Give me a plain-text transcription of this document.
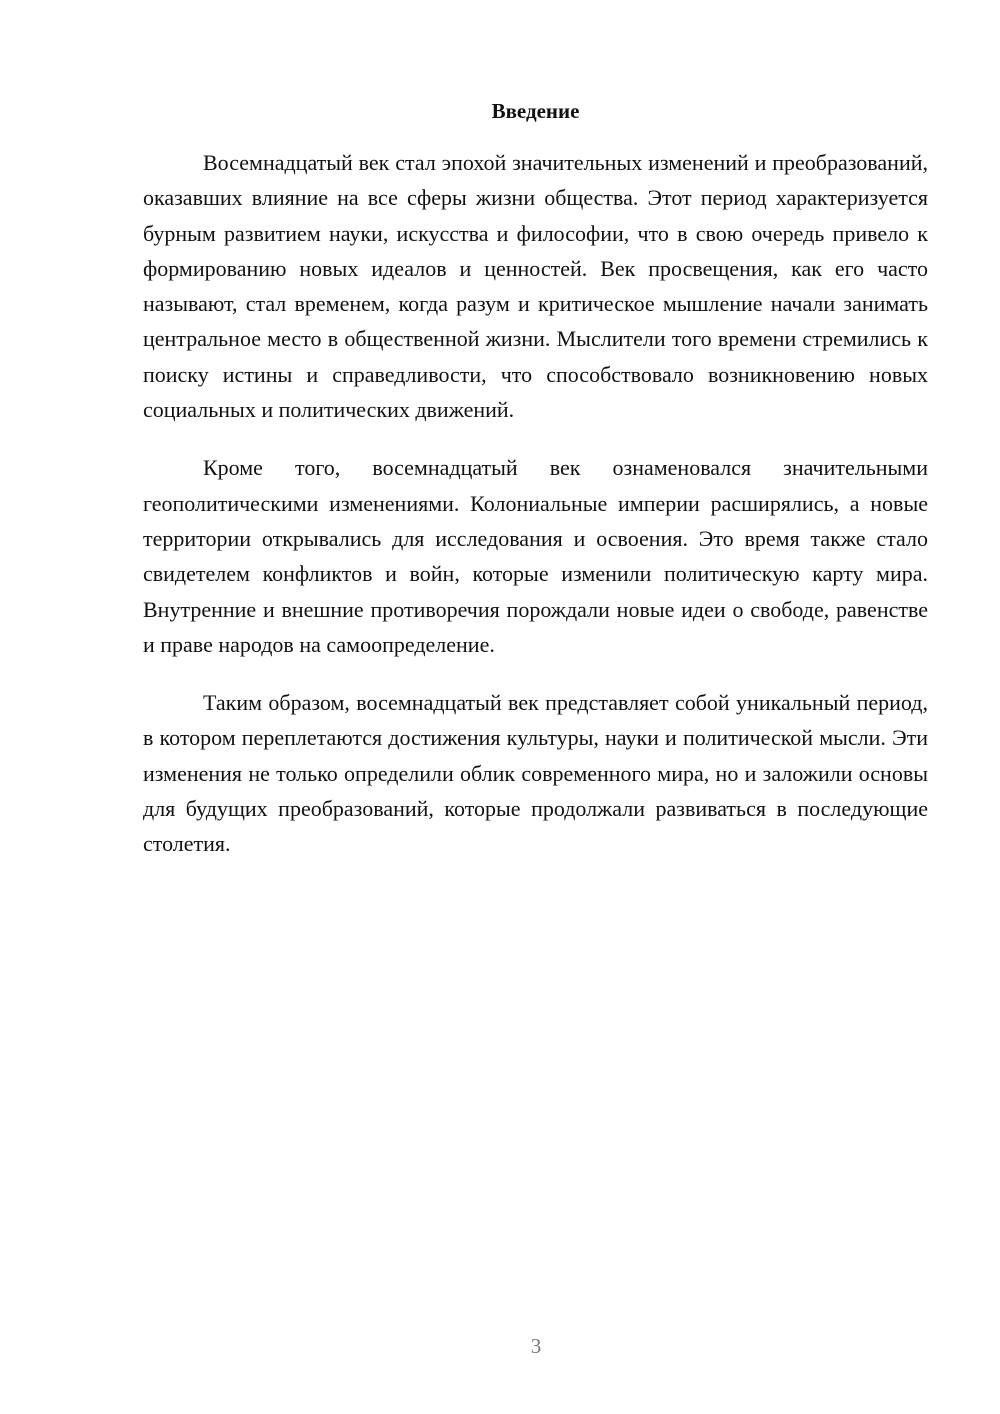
Введение

Восемнадцатый век стал эпохой значительных изменений и преобразований, оказавших влияние на все сферы жизни общества. Этот период характеризуется бурным развитием науки, искусства и философии, что в свою очередь привело к формированию новых идеалов и ценностей. Век просвещения, как его часто называют, стал временем, когда разум и критическое мышление начали занимать центральное место в общественной жизни. Мыслители того времени стремились к поиску истины и справедливости, что способствовало возникновению новых социальных и политических движений.

Кроме того, восемнадцатый век ознаменовался значительными геополитическими изменениями. Колониальные империи расширялись, а новые территории открывались для исследования и освоения. Это время также стало свидетелем конфликтов и войн, которые изменили политическую карту мира. Внутренние и внешние противоречия порождали новые идеи о свободе, равенстве и праве народов на самоопределение.

Таким образом, восемнадцатый век представляет собой уникальный период, в котором переплетаются достижения культуры, науки и политической мысли. Эти изменения не только определили облик современного мира, но и заложили основы для будущих преобразований, которые продолжали развиваться в последующие столетия.

3
